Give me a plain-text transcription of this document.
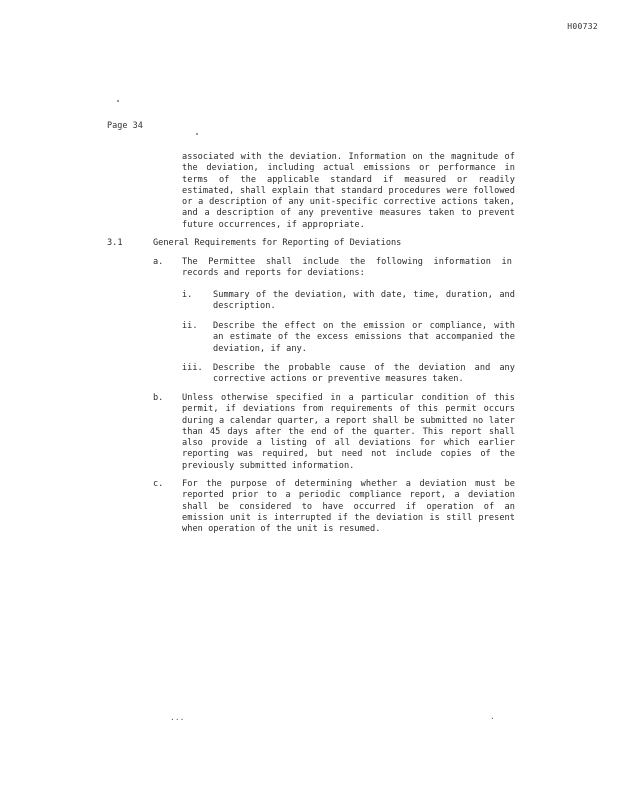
H00732
Page 34
associated with the deviation. Information on the magnitude of the deviation, including actual emissions or performance in terms of the applicable standard if measured or readily estimated, shall explain that standard procedures were followed or a description of any unit-specific corrective actions taken, and a description of any preventive measures taken to prevent future occurrences, if appropriate.
3.1	General Requirements for Reporting of Deviations
a. The Permittee shall include the following information in records and reports for deviations:
i. Summary of the deviation, with date, time, duration, and description.
ii. Describe the effect on the emission or compliance, with an estimate of the excess emissions that accompanied the deviation, if any.
iii. Describe the probable cause of the deviation and any corrective actions or preventive measures taken.
b. Unless otherwise specified in a particular condition of this permit, if deviations from requirements of this permit occurs during a calendar quarter, a report shall be submitted no later than 45 days after the end of the quarter. This report shall also provide a listing of all deviations for which earlier reporting was required, but need not include copies of the previously submitted information.
c. For the purpose of determining whether a deviation must be reported prior to a periodic compliance report, a deviation shall be considered to have occurred if operation of an emission unit is interrupted if the deviation is still present when operation of the unit is resumed.
...	.
